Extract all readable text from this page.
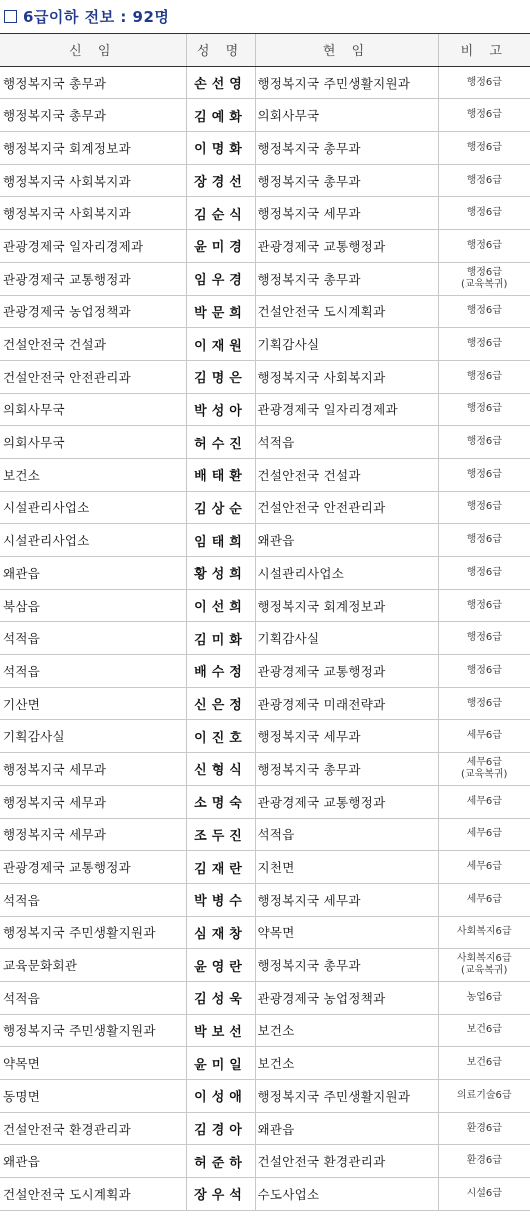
6급이하 전보 : 92명
신 임	성 명	현 임	비 고
행정복지국 총무과	손선영	행정복지국 주민생활지원과	행정6급
행정복지국 총무과	김예화	의회사무국	행정6급
행정복지국 회계정보과	이명화	행정복지국 총무과	행정6급
행정복지국 사회복지과	장경선	행정복지국 총무과	행정6급
행정복지국 사회복지과	김순식	행정복지국 세무과	행정6급
관광경제국 일자리경제과	윤미경	관광경제국 교통행정과	행정6급
관광경제국 교통행정과	임우경	행정복지국 총무과	행정6급
(교육복귀)
관광경제국 농업정책과	박문희	건설안전국 도시계획과	행정6급
건설안전국 건설과	이재원	기획감사실	행정6급
건설안전국 안전관리과	김명은	행정복지국 사회복지과	행정6급
의회사무국	박성아	관광경제국 일자리경제과	행정6급
의회사무국	허수진	석적읍	행정6급
보건소	배태환	건설안전국 건설과	행정6급
시설관리사업소	김상순	건설안전국 안전관리과	행정6급
시설관리사업소	임태희	왜관읍	행정6급
왜관읍	황성희	시설관리사업소	행정6급
북삼읍	이선희	행정복지국 회계정보과	행정6급
석적읍	김미화	기획감사실	행정6급
석적읍	배수정	관광경제국 교통행정과	행정6급
기산면	신은정	관광경제국 미래전략과	행정6급
기획감사실	이진호	행정복지국 세무과	세무6급
행정복지국 세무과	신형식	행정복지국 총무과	세무6급
(교육복귀)
행정복지국 세무과	소명숙	관광경제국 교통행정과	세무6급
행정복지국 세무과	조두진	석적읍	세무6급
관광경제국 교통행정과	김재란	지천면	세무6급
석적읍	박병수	행정복지국 세무과	세무6급
행정복지국 주민생활지원과	심재창	약목면	사회복지6급
교육문화회관	윤영란	행정복지국 총무과	사회복지6급
(교육복귀)
석적읍	김성욱	관광경제국 농업정책과	농업6급
행정복지국 주민생활지원과	박보선	보건소	보건6급
약목면	윤미일	보건소	보건6급
동명면	이성애	행정복지국 주민생활지원과	의료기술6급
건설안전국 환경관리과	김경아	왜관읍	환경6급
왜관읍	허준하	건설안전국 환경관리과	환경6급
건설안전국 도시계획과	장우석	수도사업소	시설6급
